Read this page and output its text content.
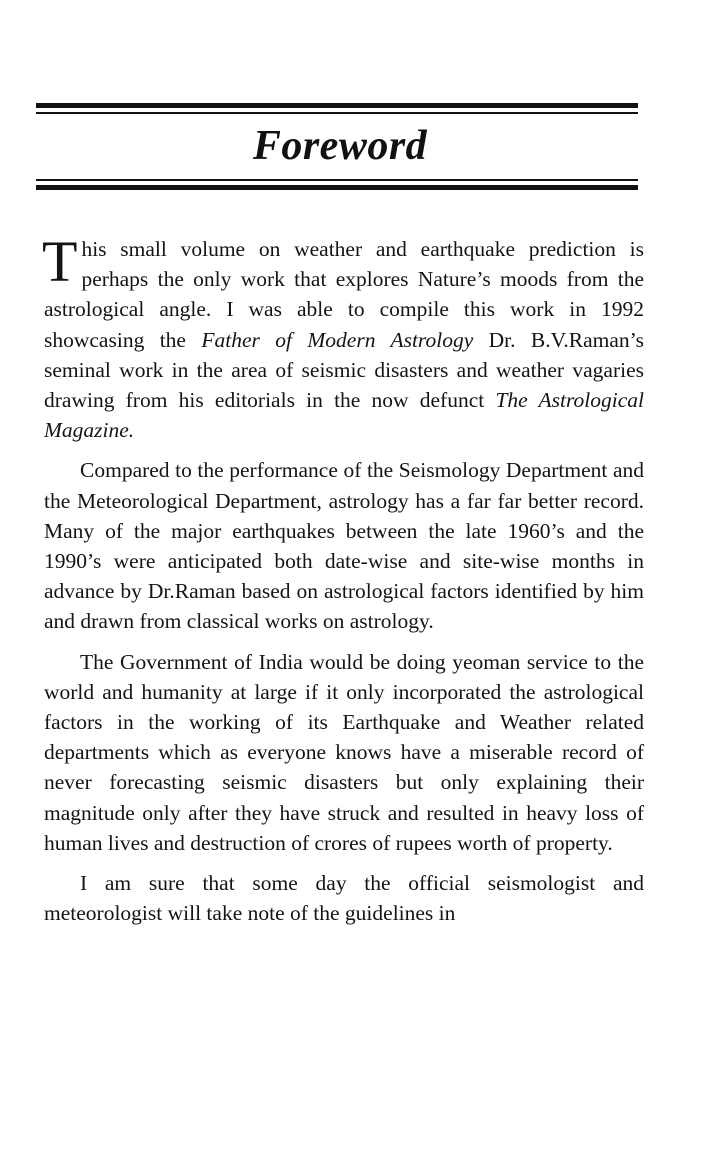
Foreword

This small volume on weather and earthquake prediction is perhaps the only work that explores Nature’s moods from the astrological angle. I was able to compile this work in 1992 showcasing the Father of Modern Astrology Dr. B.V.Raman’s seminal work in the area of seismic disasters and weather vagaries drawing from his editorials in the now defunct The Astrological Magazine.

Compared to the performance of the Seismology Department and the Meteorological Department, astrology has a far far better record. Many of the major earthquakes between the late 1960’s and the 1990’s were anticipated both date-wise and site-wise months in advance by Dr.Raman based on astrological factors identified by him and drawn from classical works on astrology.

The Government of India would be doing yeoman service to the world and humanity at large if it only incorporated the astrological factors in the working of its Earthquake and Weather related departments which as everyone knows have a miserable record of never forecasting seismic disasters but only explaining their magnitude only after they have struck and resulted in heavy loss of human lives and destruction of crores of rupees worth of property.

I am sure that some day the official seismologist and meteorologist will take note of the guidelines in
